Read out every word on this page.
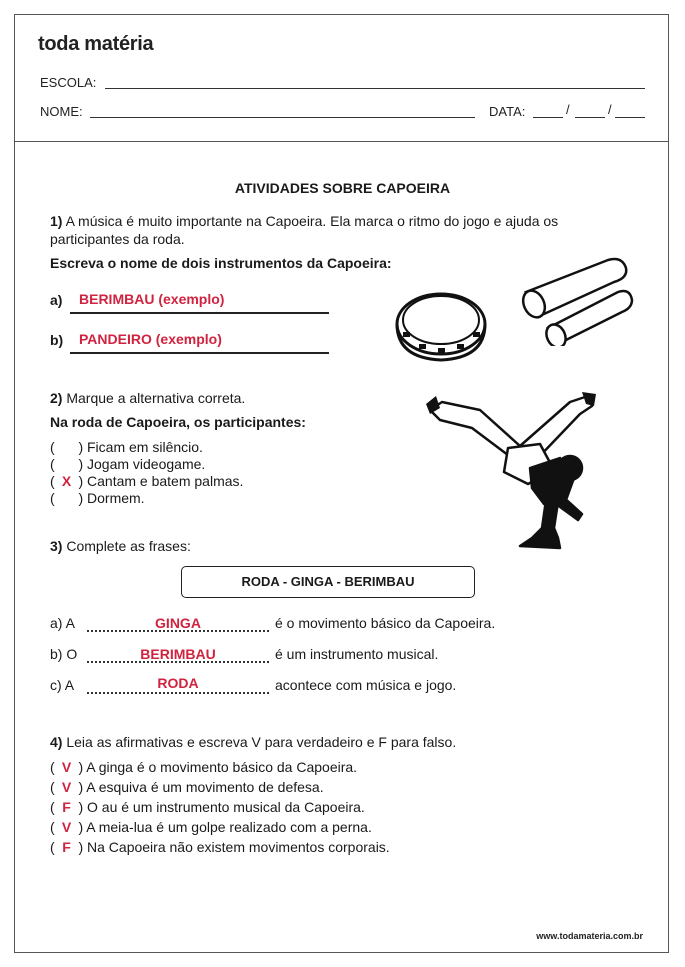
toda matéria
ESCOLA:
NOME:	DATA:	/	/
ATIVIDADES SOBRE CAPOEIRA
1) A música é muito importante na Capoeira. Ela marca o ritmo do jogo e ajuda os
participantes da roda.
Escreva o nome de dois instrumentos da Capoeira:
a) BERIMBAU (exemplo)
b) PANDEIRO (exemplo)
2) Marque a alternativa correta.
Na roda de Capoeira, os participantes:
(  ) Ficam em silêncio.
(  ) Jogam videogame.
( X ) Cantam e batem palmas.
(  ) Dormem.
3) Complete as frases:
RODA - GINGA - BERIMBAU
a) A	GINGA	é o movimento básico da Capoeira.
b) O	BERIMBAU	é um instrumento musical.
c) A	RODA	acontece com música e jogo.
4) Leia as afirmativas e escreva V para verdadeiro e F para falso.
( V ) A ginga é o movimento básico da Capoeira.
( V ) A esquiva é um movimento de defesa.
( F ) O au é um instrumento musical da Capoeira.
( V ) A meia-lua é um golpe realizado com a perna.
( F ) Na Capoeira não existem movimentos corporais.
www.todamateria.com.br
